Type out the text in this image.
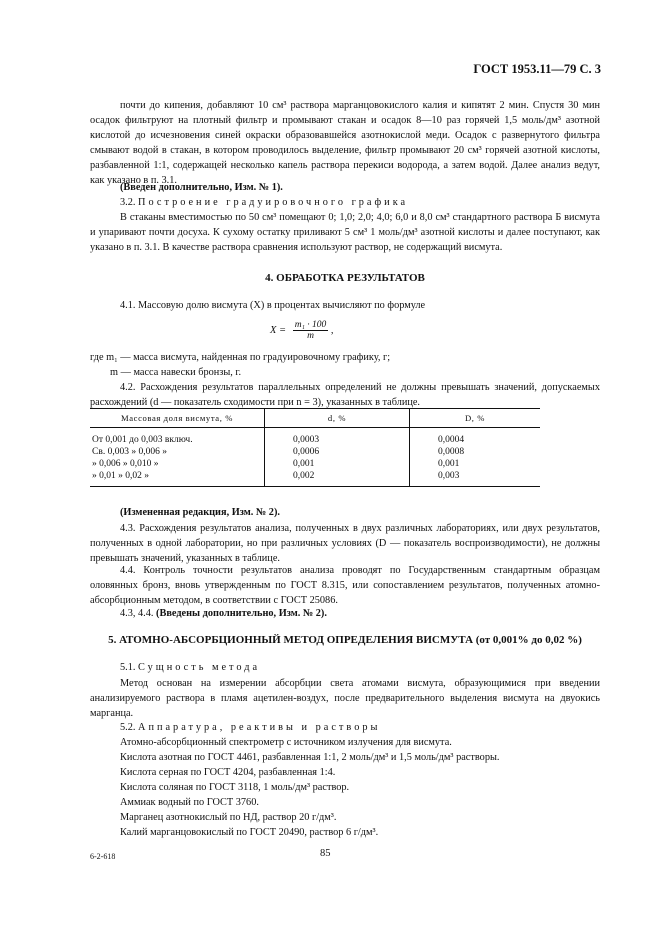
ГОСТ 1953.11—79 С. 3
почти до кипения, добавляют 10 см³ раствора марганцовокислого калия и кипятят 2 мин. Спустя 30 мин осадок фильтруют на плотный фильтр и промывают стакан и осадок 8—10 раз горячей 1,5 моль/дм³ азотной кислотой до исчезновения синей окраски образовавшейся азотнокислой меди. Осадок с развернутого фильтра смывают водой в стакан, в котором проводилось выделение, фильтр промывают 20 см³ горячей азотной кислоты, разбавленной 1:1, содержащей несколько капель раствора перекиси водорода, а затем водой. Далее анализ ведут, как указано в п. 3.1.
(Введен дополнительно, Изм. № 1).
3.2. Построение градуировочного графика
В стаканы вместимостью по 50 см³ помещают 0; 1,0; 2,0; 4,0; 6,0 и 8,0 см³ стандартного раствора Б висмута и упаривают почти досуха. К сухому остатку приливают 5 см³ 1 моль/дм³ азотной кислоты и далее поступают, как указано в п. 3.1. В качестве раствора сравнения используют раствор, не содержащий висмута.
4. ОБРАБОТКА РЕЗУЛЬТАТОВ
4.1. Массовую долю висмута (X) в процентах вычисляют по формуле
$X = \frac{\text{m₁ · 100}}{m}$ ,
где m₁ — масса висмута, найденная по градуировочному графику, г;
m — масса навески бронзы, г.
4.2. Расхождения результатов параллельных определений не должны превышать значений, допускаемых расхождений (d — показатель сходимости при n = 3), указанных в таблице.
Массовая доля висмута, %	d, %	D, %
От 0,001 до 0,003 включ.	0,0003	0,0004
Св. 0,003 » 0,006 »	0,0006	0,0008
» 0,006 » 0,010 »	0,001	0,001
» 0,01 » 0,02 »	0,002	0,003
(Измененная редакция, Изм. № 2).
4.3. Расхождения результатов анализа, полученных в двух различных лабораториях, или двух результатов, полученных в одной лаборатории, но при различных условиях (D — показатель воспроизводимости), не должны превышать значений, указанных в таблице.
4.4. Контроль точности результатов анализа проводят по Государственным стандартным образцам оловянных бронз, вновь утвержденным по ГОСТ 8.315, или сопоставлением результатов, полученных атомно-абсорбционным методом, в соответствии с ГОСТ 25086.
4.3, 4.4. (Введены дополнительно, Изм. № 2).
5. АТОМНО-АБСОРБЦИОННЫЙ МЕТОД ОПРЕДЕЛЕНИЯ ВИСМУТА (от 0,001% до 0,02 %)
5.1. Сущность метода
Метод основан на измерении абсорбции света атомами висмута, образующимися при введении анализируемого раствора в пламя ацетилен-воздух, после предварительного выделения висмута на двуокись марганца.
5.2. Аппаратура, реактивы и растворы
Атомно-абсорбционный спектрометр с источником излучения для висмута.
Кислота азотная по ГОСТ 4461, разбавленная 1:1, 2 моль/дм³ и 1,5 моль/дм³ растворы.
Кислота серная по ГОСТ 4204, разбавленная 1:4.
Кислота соляная по ГОСТ 3118, 1 моль/дм³ раствор.
Аммиак водный по ГОСТ 3760.
Марганец азотнокислый по НД, раствор 20 г/дм³.
Калий марганцовокислый по ГОСТ 20490, раствор 6 г/дм³.
6-2-618	85
